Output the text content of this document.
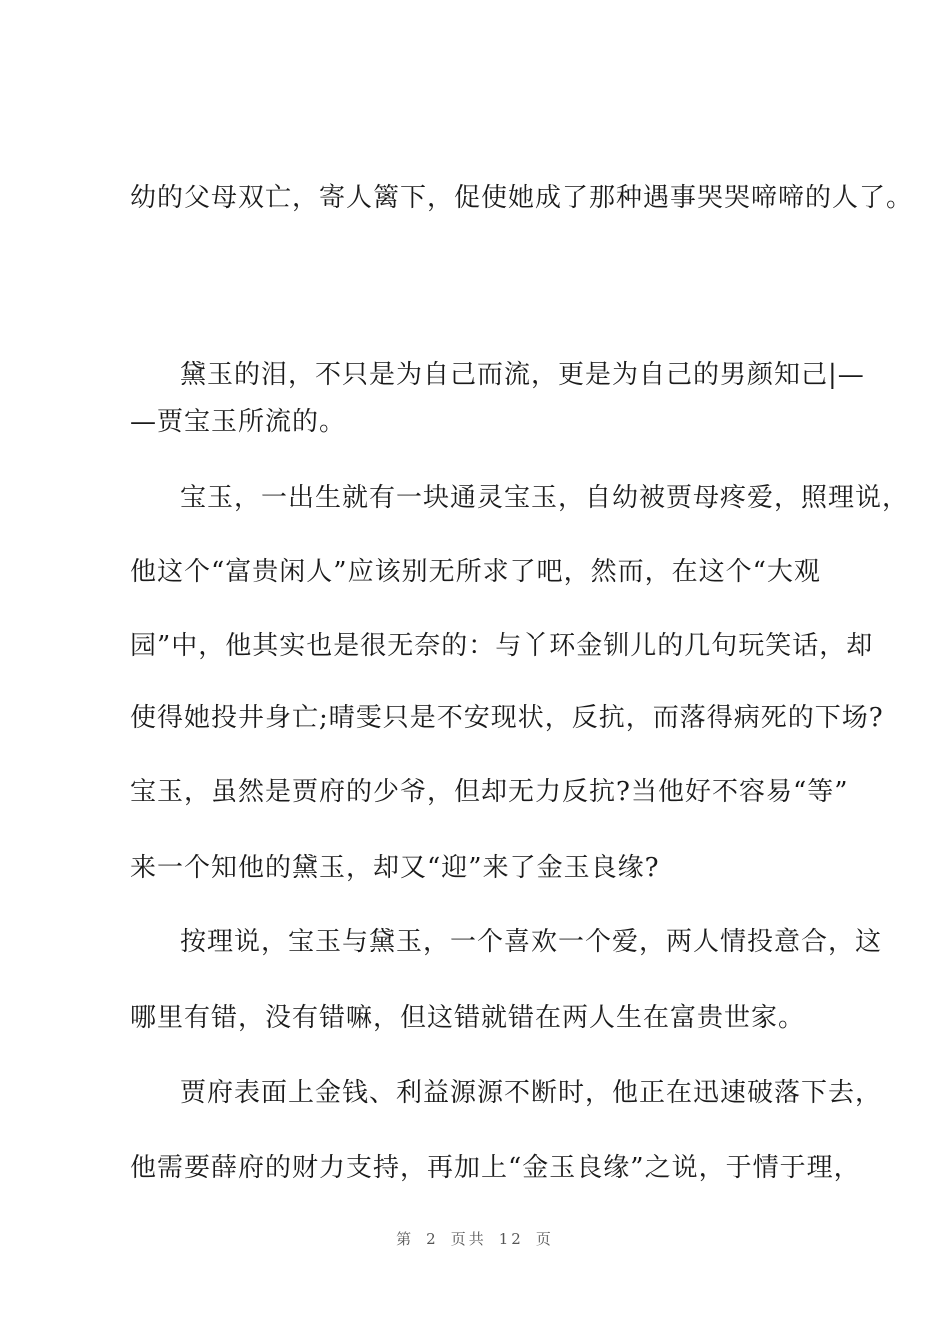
幼的父母双亡，寄人篱下，促使她成了那种遇事哭哭啼啼的人了。
黛玉的泪，不只是为自己而流，更是为自己的男颜知己|—
—贾宝玉所流的。
宝玉，一出生就有一块通灵宝玉，自幼被贾母疼爱，照理说，
他这个“富贵闲人”应该别无所求了吧，然而，在这个“大观
园”中，他其实也是很无奈的：与丫环金钏儿的几句玩笑话，却
使得她投井身亡;晴雯只是不安现状，反抗，而落得病死的下场?
宝玉，虽然是贾府的少爷，但却无力反抗?当他好不容易“等”
来一个知他的黛玉，却又“迎”来了金玉良缘?
按理说，宝玉与黛玉，一个喜欢一个爱，两人情投意合，这
哪里有错，没有错嘛，但这错就错在两人生在富贵世家。
贾府表面上金钱、利益源源不断时，他正在迅速破落下去，
他需要薛府的财力支持，再加上“金玉良缘”之说，于情于理，
第 2 页共 12 页
